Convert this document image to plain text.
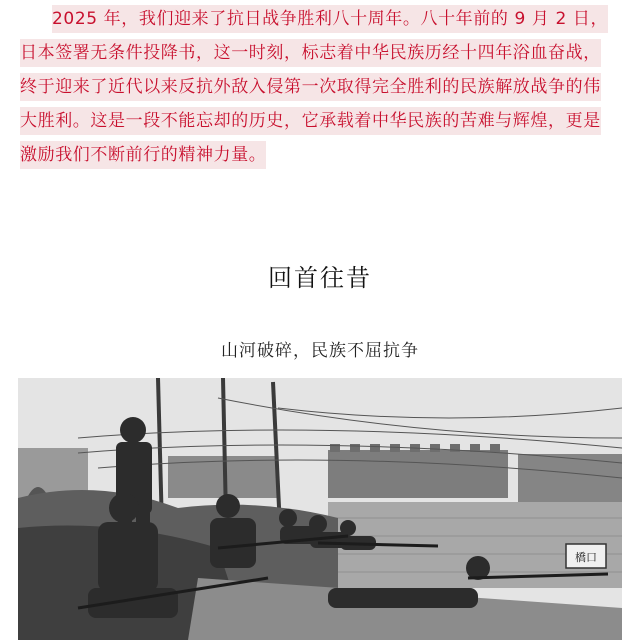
2025 年，我们迎来了抗日战争胜利八十周年。八十年前的 9 月 2 日，
日本签署无条件投降书，这一时刻，标志着中华民族历经十四年浴血奋战，
终于迎来了近代以来反抗外敌入侵第一次取得完全胜利的民族解放战争的伟
大胜利。这是一段不能忘却的历史，它承载着中华民族的苦难与辉煌，更是
激励我们不断前行的精神力量。
回首往昔
山河破碎，民族不屈抗争
橋口
